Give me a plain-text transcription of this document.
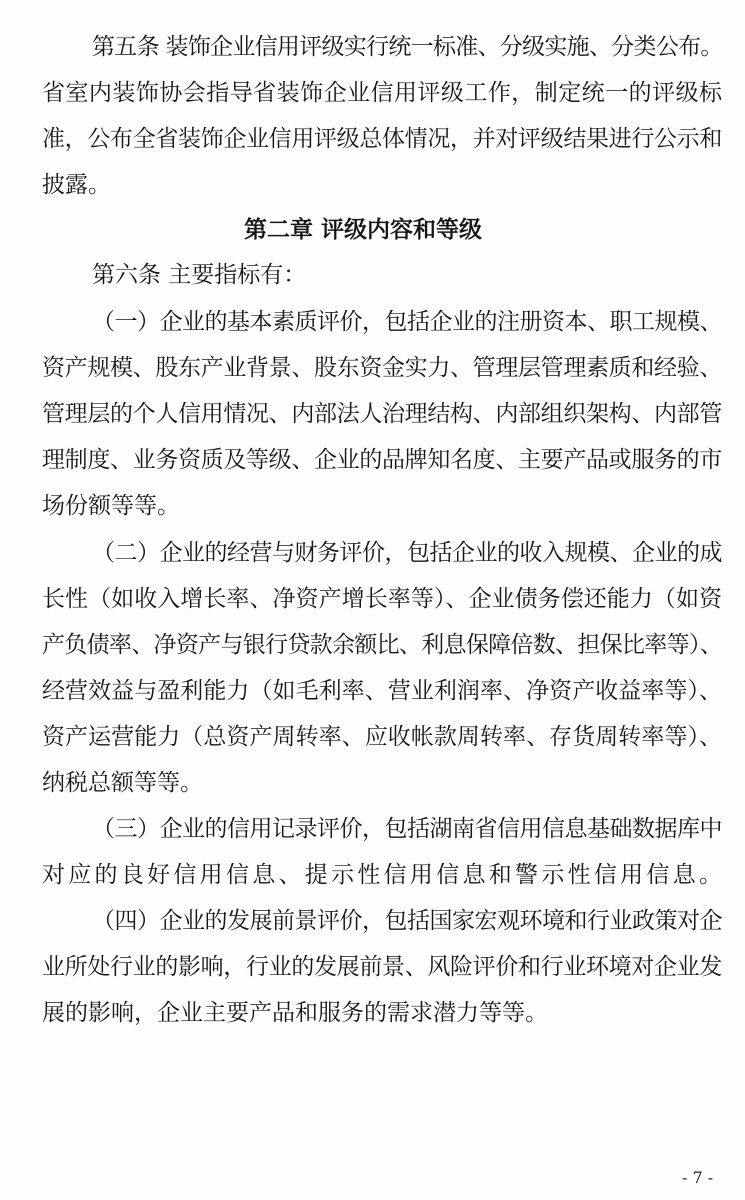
第五条 装饰企业信用评级实行统一标准、分级实施、分类公布。
省室内装饰协会指导省装饰企业信用评级工作，制定统一的评级标
准，公布全省装饰企业信用评级总体情况，并对评级结果进行公示和
披露。
第二章 评级内容和等级
第六条 主要指标有：
（一）企业的基本素质评价，包括企业的注册资本、职工规模、
资产规模、股东产业背景、股东资金实力、管理层管理素质和经验、
管理层的个人信用情况、内部法人治理结构、内部组织架构、内部管
理制度、业务资质及等级、企业的品牌知名度、主要产品或服务的市
场份额等等。
（二）企业的经营与财务评价，包括企业的收入规模、企业的成
长性（如收入增长率、净资产增长率等）、企业债务偿还能力（如资
产负债率、净资产与银行贷款余额比、利息保障倍数、担保比率等）、
经营效益与盈利能力（如毛利率、营业利润率、净资产收益率等）、
资产运营能力（总资产周转率、应收帐款周转率、存货周转率等）、
纳税总额等等。
（三）企业的信用记录评价，包括湖南省信用信息基础数据库中
对应的良好信用信息、提示性信用信息和警示性信用信息。
（四）企业的发展前景评价，包括国家宏观环境和行业政策对企
业所处行业的影响，行业的发展前景、风险评价和行业环境对企业发
展的影响，企业主要产品和服务的需求潜力等等。
- 7 -
